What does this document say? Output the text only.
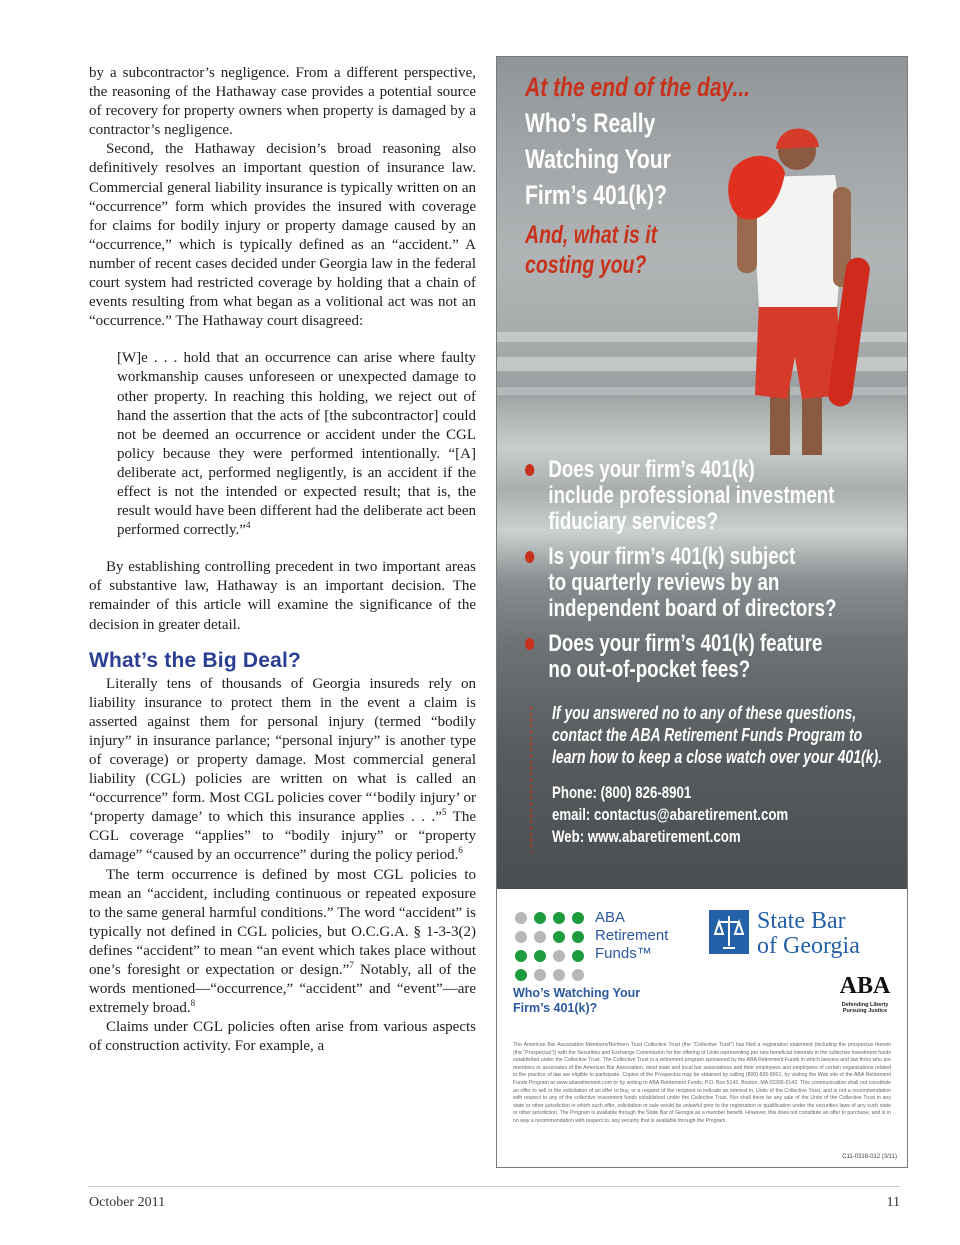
by a subcontractor’s negligence. From a different perspective, the reasoning of the Hathaway case provides a potential source of recovery for property owners when property is damaged by a contractor’s negligence.

Second, the Hathaway decision’s broad reasoning also definitively resolves an important question of insurance law. Commercial general liability insurance is typically written on an “occurrence” form which provides the insured with coverage for claims for bodily injury or property damage caused by an “occurrence,” which is typically defined as an “accident.” A number of recent cases decided under Georgia law in the federal court system had restricted coverage by holding that a chain of events resulting from what began as a volitional act was not an “occurrence.” The Hathaway court disagreed:

[W]e . . . hold that an occurrence can arise where faulty workmanship causes unforeseen or unexpected damage to other property. In reaching this holding, we reject out of hand the assertion that the acts of [the subcontractor] could not be deemed an occurrence or accident under the CGL policy because they were performed intentionally. “[A] deliberate act, performed negligently, is an accident if the effect is not the intended or expected result; that is, the result would have been different had the deliberate act been performed correctly.”$^4$

By establishing controlling precedent in two important areas of substantive law, Hathaway is an important decision. The remainder of this article will examine the significance of the decision in greater detail.

What’s the Big Deal?

Literally tens of thousands of Georgia insureds rely on liability insurance to protect them in the event a claim is asserted against them for personal injury (termed “bodily injury” in insurance parlance; “personal injury” is another type of coverage) or property damage. Most commercial general liability (CGL) policies are written on what is called an “occurrence” form. Most CGL policies cover “‘bodily injury’ or ‘property damage’ to which this insurance applies . . .”$^5$ The CGL coverage “applies” to “bodily injury” or “property damage” “caused by an occurrence” during the policy period.$^6$

The term occurrence is defined by most CGL policies to mean an “accident, including continuous or repeated exposure to the same general harmful conditions.” The word “accident” is typically not defined in CGL policies, but O.C.G.A. § 1-3-3(2) defines “accident” to mean “an event which takes place without one’s foresight or expectation or design.”$^7$ Notably, all of the words mentioned—“occurrence,” “accident” and “event”—are extremely broad.$^8$

Claims under CGL policies often arise from various aspects of construction activity. For example, a

At the end of the day...
Who’s Really
Watching Your
Firm’s 401(k)?
And, what is it
costing you?
Does your firm’s 401(k)
include professional investment
fiduciary services?
Is your firm’s 401(k) subject
to quarterly reviews by an
independent board of directors?
Does your firm’s 401(k) feature
no out-of-pocket fees?
If you answered no to any of these questions,
contact the ABA Retirement Funds Program to
learn how to keep a close watch over your 401(k).
Phone: (800) 826-8901
email: contactus@abaretirement.com
Web: www.abaretirement.com
ABA
Retirement
Funds™
Who’s Watching Your
Firm’s 401(k)?
State Bar
of Georgia
ABA
Defending Liberty
Pursuing Justice
The American Bar Association Members/Northern Trust Collective Trust (the “Collective Trust”) has filed a registration statement (including the prospectus therein (the “Prospectus”)) with the Securities and Exchange Commission for the offering of Units representing pro rata beneficial interests in the collective investment funds established under the Collective Trust. The Collective Trust is a retirement program sponsored by the ABA Retirement Funds in which lawyers and law firms who are members or associates of the American Bar Association, most state and local bar associations and their employees and employees of certain organizations related to the practice of law are eligible to participate. Copies of the Prospectus may be obtained by calling (800) 826-8901, by visiting the Web site of the ABA Retirement Funds Program at www.abaretirement.com or by writing to ABA Retirement Funds, P.O. Box 5142, Boston, MA 02206-5142. This communication shall not constitute an offer to sell or the solicitation of an offer to buy, or a request of the recipient to indicate an interest in, Units of the Collective Trust, and is not a recommendation with respect to any of the collective investment funds established under the Collective Trust. Nor shall there be any sale of the Units of the Collective Trust in any state or other jurisdiction in which such offer, solicitation or sale would be unlawful prior to the registration or qualification under the securities laws of any such state or other jurisdiction. The Program is available through the State Bar of Georgia as a member benefit. However, this does not constitute an offer to purchase, and is in no way a recommendation with respect to, any security that is available through the Program.
C11-0318-012 (3/11)
October 2011	11
